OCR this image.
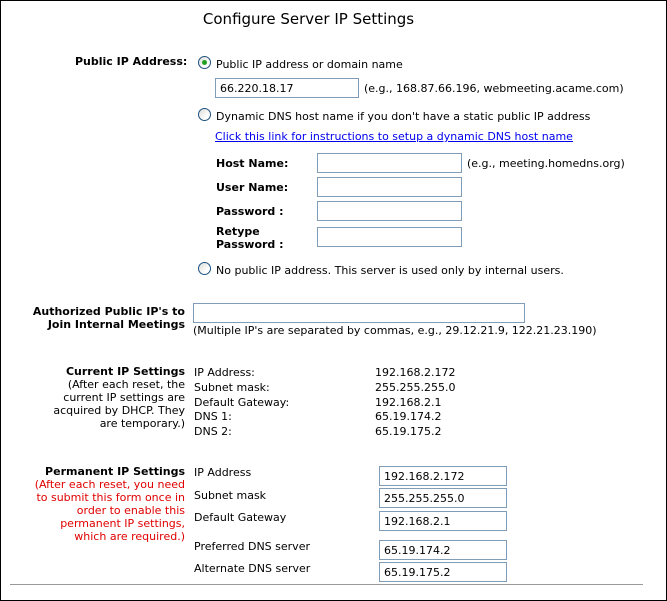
Configure Server IP Settings
Public IP Address:	Public IP address or domain name
66.220.18.17
(e.g., 168.87.66.196, webmeeting.acame.com)
Dynamic DNS host name if you don't have a static public IP address
Click this link for instructions to setup a dynamic DNS host name
Host Name:	(e.g., meeting.homedns.org)
User Name:
Password :
Retype
Password :
No public IP address. This server is used only by internal users.
Authorized Public IP's to
Join Internal Meetings (Multiple IP's are separated by commas, e.g., 29.12.21.9, 122.21.23.190)
Current IP Settings
(After each reset, the
current IP settings are
acquired by DHCP. They
are temporary.)
IP Address:	192.168.2.172
Subnet mask:	255.255.255.0
Default Gateway:	192.168.2.1
DNS 1:	65.19.174.2
DNS 2:	65.19.175.2
Permanent IP Settings
(After each reset, you need
to submit this form once in
order to enable this
permanent IP settings,
which are required.)
IP Address
192.168.2.172
Subnet mask
255.255.255.0
Default Gateway
192.168.2.1
Preferred DNS server
65.19.174.2
Alternate DNS server
65.19.175.2
